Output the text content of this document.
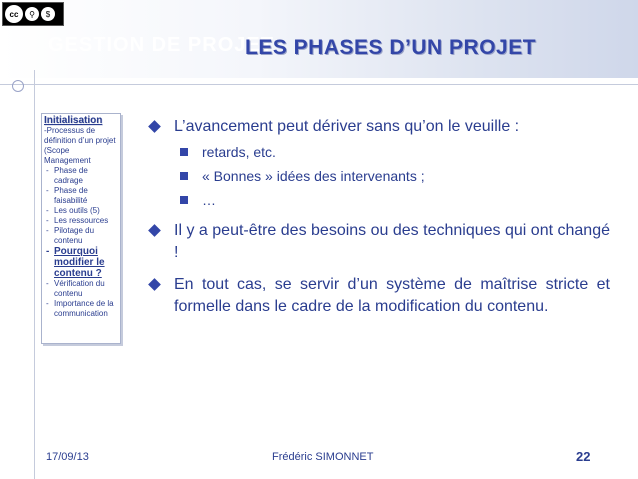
cc	⚲	$
GESTION DE PROJET
LES PHASES D’UN PROJET
Initialisation

-Processus de définition d’un projet (Scope Management

- Phase de cadrage
- Phase de faisabilité
- Les outils (5)
- Les ressources
- Pilotage du contenu
- Pourquoi modifier le contenu ?
- Vérification du contenu
- Importance de la communication
L’avancement peut dériver sans qu’on le veuille :
retards, etc.
« Bonnes » idées des intervenants ;
…
Il y a peut-être des besoins ou des techniques qui ont changé !
En tout cas, se servir d’un système de maîtrise stricte et formelle dans le cadre de la modification du contenu.
17/09/13	Frédéric SIMONNET	22
